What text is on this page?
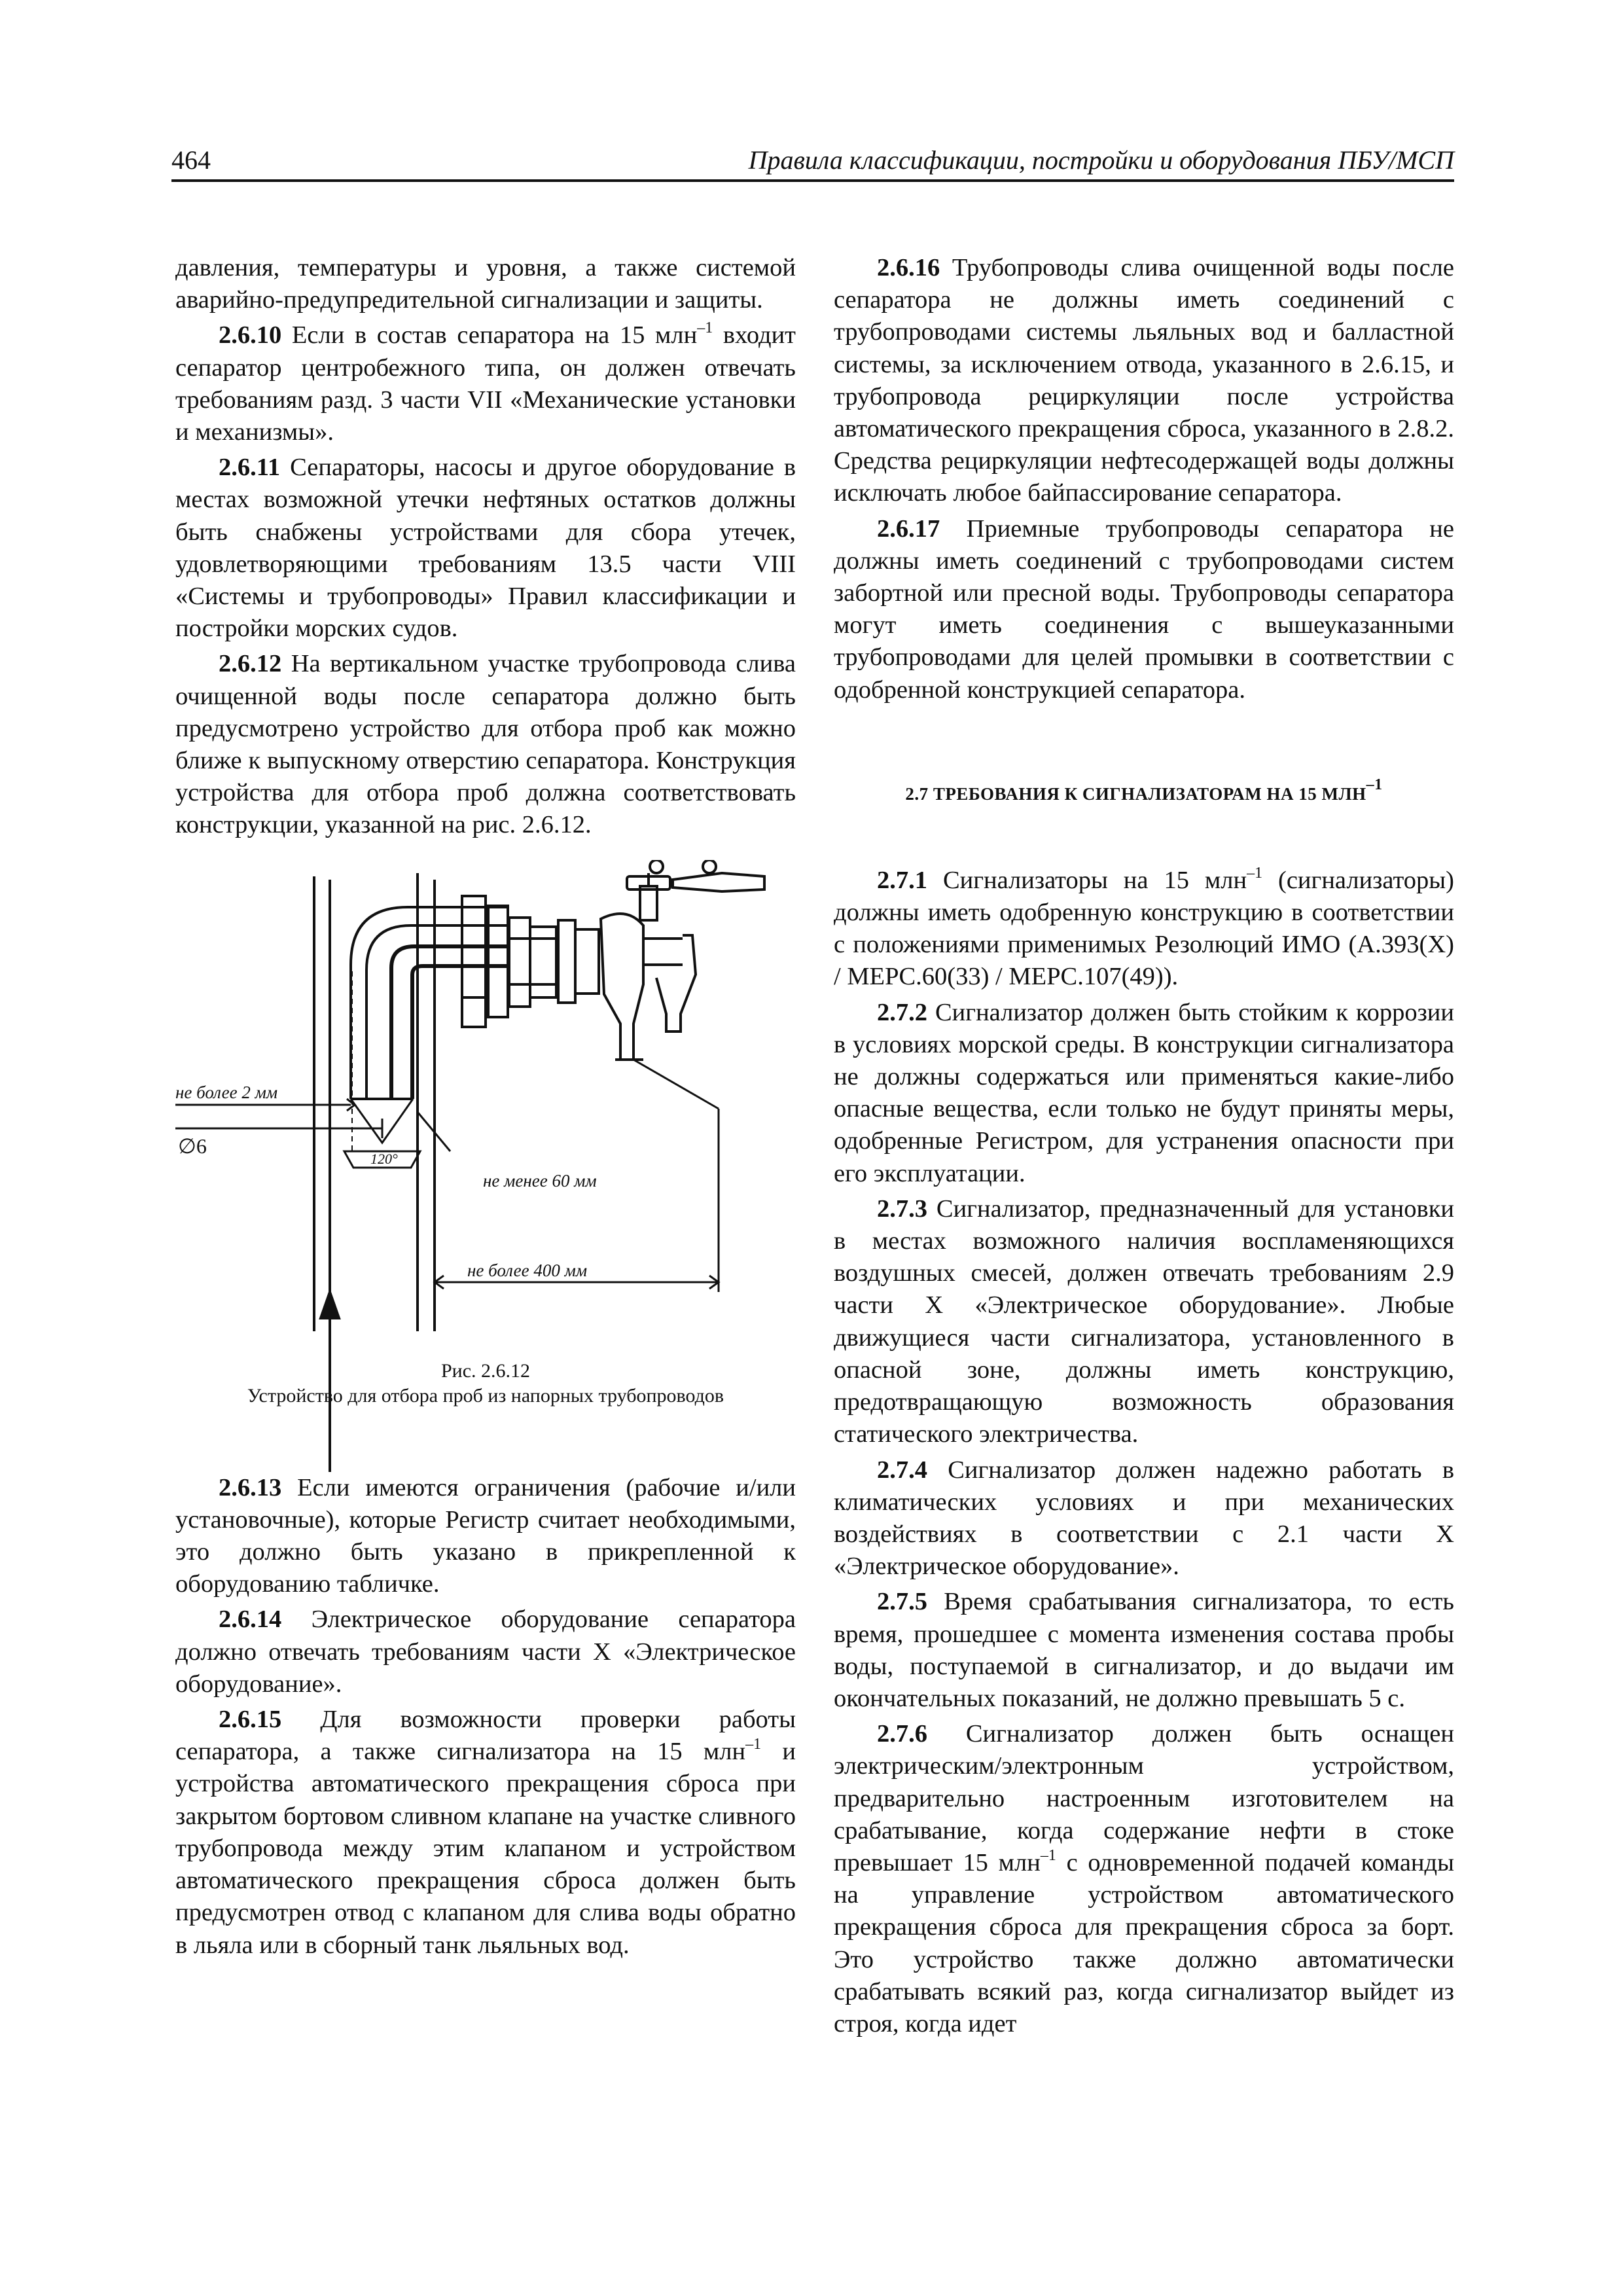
464	Правила классификации, постройки и оборудования ПБУ/МСП

давления, температуры и уровня, а также системой аварийно-предупредительной сигнализации и защиты.

2.6.10 Если в состав сепаратора на 15 млн$^{-1}$ входит сепаратор центробежного типа, он должен отвечать требованиям разд. 3 части VII «Механические установки и механизмы».

2.6.11 Сепараторы, насосы и другое оборудование в местах возможной утечки нефтяных остатков должны быть снабжены устройствами для сбора утечек, удовлетворяющими требованиям 13.5 части VIII «Системы и трубопроводы» Правил классификации и постройки морских судов.

2.6.12 На вертикальном участке трубопровода слива очищенной воды после сепаратора должно быть предусмотрено устройство для отбора проб как можно ближе к выпускному отверстию сепаратора. Конструкция устройства для отбора проб должна соответствовать конструкции, указанной на рис. 2.6.12.

не более 2 мм
∅6
не менее 60 мм
120°
не более 400 мм
Рис. 2.6.12
Устройство для отбора проб из напорных трубопроводов

2.6.13 Если имеются ограничения (рабочие и/или установочные), которые Регистр считает необходимыми, это должно быть указано в прикрепленной к оборудованию табличке.

2.6.14 Электрическое оборудование сепаратора должно отвечать требованиям части X «Электрическое оборудование».

2.6.15 Для возможности проверки работы сепаратора, а также сигнализатора на 15 млн$^{-1}$ и устройства автоматического прекращения сброса при закрытом бортовом сливном клапане на участке сливного трубопровода между этим клапаном и устройством автоматического прекращения сброса должен быть предусмотрен отвод с клапаном для слива воды обратно в льяла или в сборный танк льяльных вод.

2.6.16 Трубопроводы слива очищенной воды после сепаратора не должны иметь соединений с трубопроводами системы льяльных вод и балластной системы, за исключением отвода, указанного в 2.6.15, и трубопровода рециркуляции после устройства автоматического прекращения сброса, указанного в 2.8.2. Средства рециркуляции нефтесодержащей воды должны исключать любое байпассирование сепаратора.

2.6.17 Приемные трубопроводы сепаратора не должны иметь соединений с трубопроводами систем забортной или пресной воды. Трубопроводы сепаратора могут иметь соединения с вышеуказанными трубопроводами для целей промывки в соответствии с одобренной конструкцией сепаратора.

2.7 ТРЕБОВАНИЯ К СИГНАЛИЗАТОРАМ НА 15 $МЛН^{-1}$

2.7.1 Сигнализаторы на 15 млн$^{-1}$ (сигнализаторы) должны иметь одобренную конструкцию в соответствии с положениями применимых Резолюций ИМО (A.393(X) / MEPC.60(33) / MEPC.107(49)).

2.7.2 Сигнализатор должен быть стойким к коррозии в условиях морской среды. В конструкции сигнализатора не должны содержаться или применяться какие-либо опасные вещества, если только не будут приняты меры, одобренные Регистром, для устранения опасности при его эксплуатации.

2.7.3 Сигнализатор, предназначенный для установки в местах возможного наличия воспламеняющихся воздушных смесей, должен отвечать требованиям 2.9 части X «Электрическое оборудование». Любые движущиеся части сигнализатора, установленного в опасной зоне, должны иметь конструкцию, предотвращающую возможность образования статического электричества.

2.7.4 Сигнализатор должен надежно работать в климатических условиях и при механических воздействиях в соответствии с 2.1 части X «Электрическое оборудование».

2.7.5 Время срабатывания сигнализатора, то есть время, прошедшее с момента изменения состава пробы воды, поступаемой в сигнализатор, и до выдачи им окончательных показаний, не должно превышать 5 с.

2.7.6 Сигнализатор должен быть оснащен электрическим/электронным устройством, предварительно настроенным изготовителем на срабатывание, когда содержание нефти в стоке превышает 15 млн$^{-1}$ с одновременной подачей команды на управление устройством автоматического прекращения сброса для прекращения сброса за борт. Это устройство также должно автоматически срабатывать всякий раз, когда сигнализатор выйдет из строя, когда идет
